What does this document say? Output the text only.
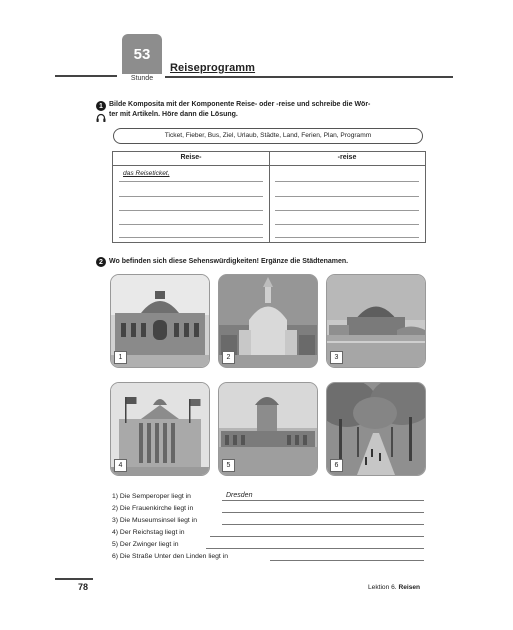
53
Stunde
Reiseprogramm
1 Bilde Komposita mit der Komponente Reise- oder -reise und schreibe die Wör-
ter mit Artikeln. Höre dann die Lösung.
Ticket, Fieber, Bus, Ziel, Urlaub, Städte, Land, Ferien, Plan, Programm
Reise-	-reise
das Reiseticket,
2 Wo befinden sich diese Sehenswürdigkeiten! Ergänze die Städtenamen.
1	2	3
4	5	6
1) Die Semperoper liegt in	Dresden
2) Die Frauenkirche liegt in
3) Die Museumsinsel liegt in
4) Der Reichstag liegt in
5) Der Zwinger liegt in
6) Die Straße Unter den Linden liegt in
78	Lektion 6. Reisen
